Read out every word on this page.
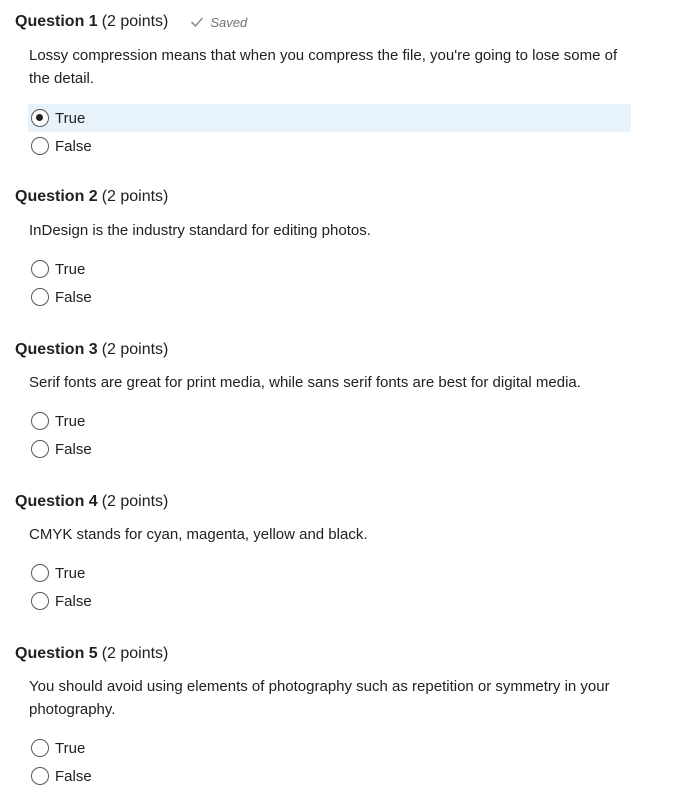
Question 1 (2 points)	Saved
Lossy compression means that when you compress the file, you're going to lose some of the detail.
True
False
Question 2 (2 points)
InDesign is the industry standard for editing photos.
True
False
Question 3 (2 points)
Serif fonts are great for print media, while sans serif fonts are best for digital media.
True
False
Question 4 (2 points)
CMYK stands for cyan, magenta, yellow and black.
True
False
Question 5 (2 points)
You should avoid using elements of photography such as repetition or symmetry in your photography.
True
False
